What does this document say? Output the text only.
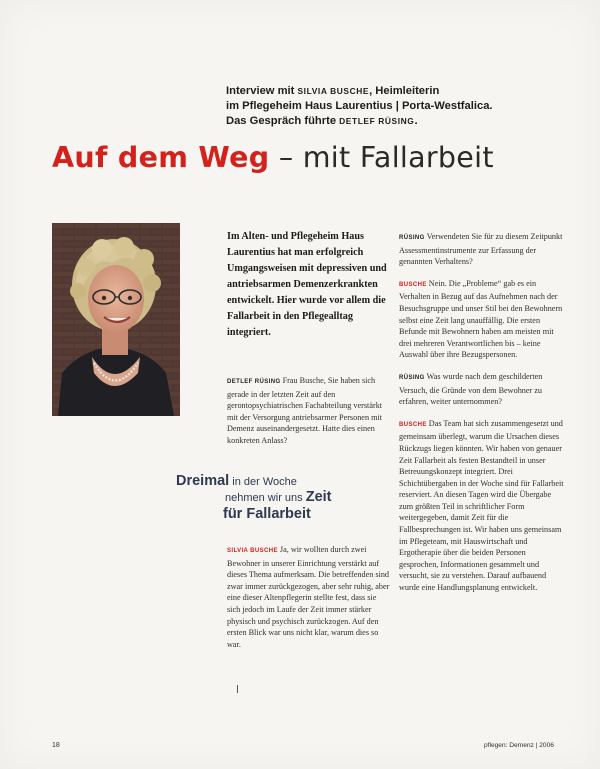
Interview mit SILVIA BUSCHE, Heimleiterin
im Pflegeheim Haus Laurentius | Porta-Westfalica.
Das Gespräch führte DETLEF RÜSING.
Auf dem Weg – mit Fallarbeit
Im Alten- und Pflegeheim Haus Laurentius hat man erfolgreich Umgangsweisen mit depressiven und antriebsarmen Demenzerkrankten entwickelt. Hier wurde vor allem die Fallarbeit in den Pflegealltag integriert.
DETLEF RÜSING Frau Busche, Sie haben sich gerade in der letzten Zeit auf den gerontopsychiatrischen Fachabteilung verstärkt mit der Versorgung antriebsarmer Personen mit Demenz auseinandergesetzt. Hatte dies einen konkreten Anlass?
Dreimal in der Woche
nehmen wir uns Zeit
für Fallarbeit
SILVIA BUSCHE Ja, wir wollten durch zwei Bewohner in unserer Einrichtung verstärkt auf dieses Thema aufmerksam. Die betreffenden sind zwar immer zurückgezogen, aber sehr ruhig, aber eine dieser Altenpflegerin stellte fest, dass sie sich jedoch im Laufe der Zeit immer stärker physisch und psychisch zurückzogen. Auf den ersten Blick war uns nicht klar, warum dies so war.

RÜSING Verwendeten Sie für zu diesem Zeitpunkt Assessmentinstrumente zur Erfassung der genannten Verhaltens?

BUSCHE Nein. Die „Probleme“ gab es ein Verhalten in Bezug auf das Aufnehmen nach der Besuchsgruppe und unser Stil bei den Bewohnern selbst eine Zeit lang unauffällig. Die ersten Befunde mit Bewohnern haben am meisten mit drei mehreren Verantwortlichen bis – keine Auswahl über ihre Bezugspersonen.

RÜSING Was wurde nach dem geschilderten Versuch, die Gründe von dem Bewohner zu erfahren, weiter unternommen?

BUSCHE Das Team hat sich zusammengesetzt und gemeinsam überlegt, warum die Ursachen dieses Rückzugs liegen könnten. Wir haben von genauer Zeit Fallarbeit als festen Bestandteil in unser Betreuungskonzept integriert. Drei Schichtübergaben in der Woche sind für Fallarbeit reserviert. An diesen Tagen wird die Übergabe zum größten Teil in schriftlicher Form weitergegeben, damit Zeit für die Fallbesprechungen ist. Wir haben uns gemeinsam im Pflegeteam, mit Hauswirtschaft und Ergotherapie über die beiden Personen gesprochen, Informationen gesammelt und versucht, sie zu verstehen. Darauf aufbauend wurde eine Handlungsplanung entwickelt.

18	pflegen: Demenz | 2006
